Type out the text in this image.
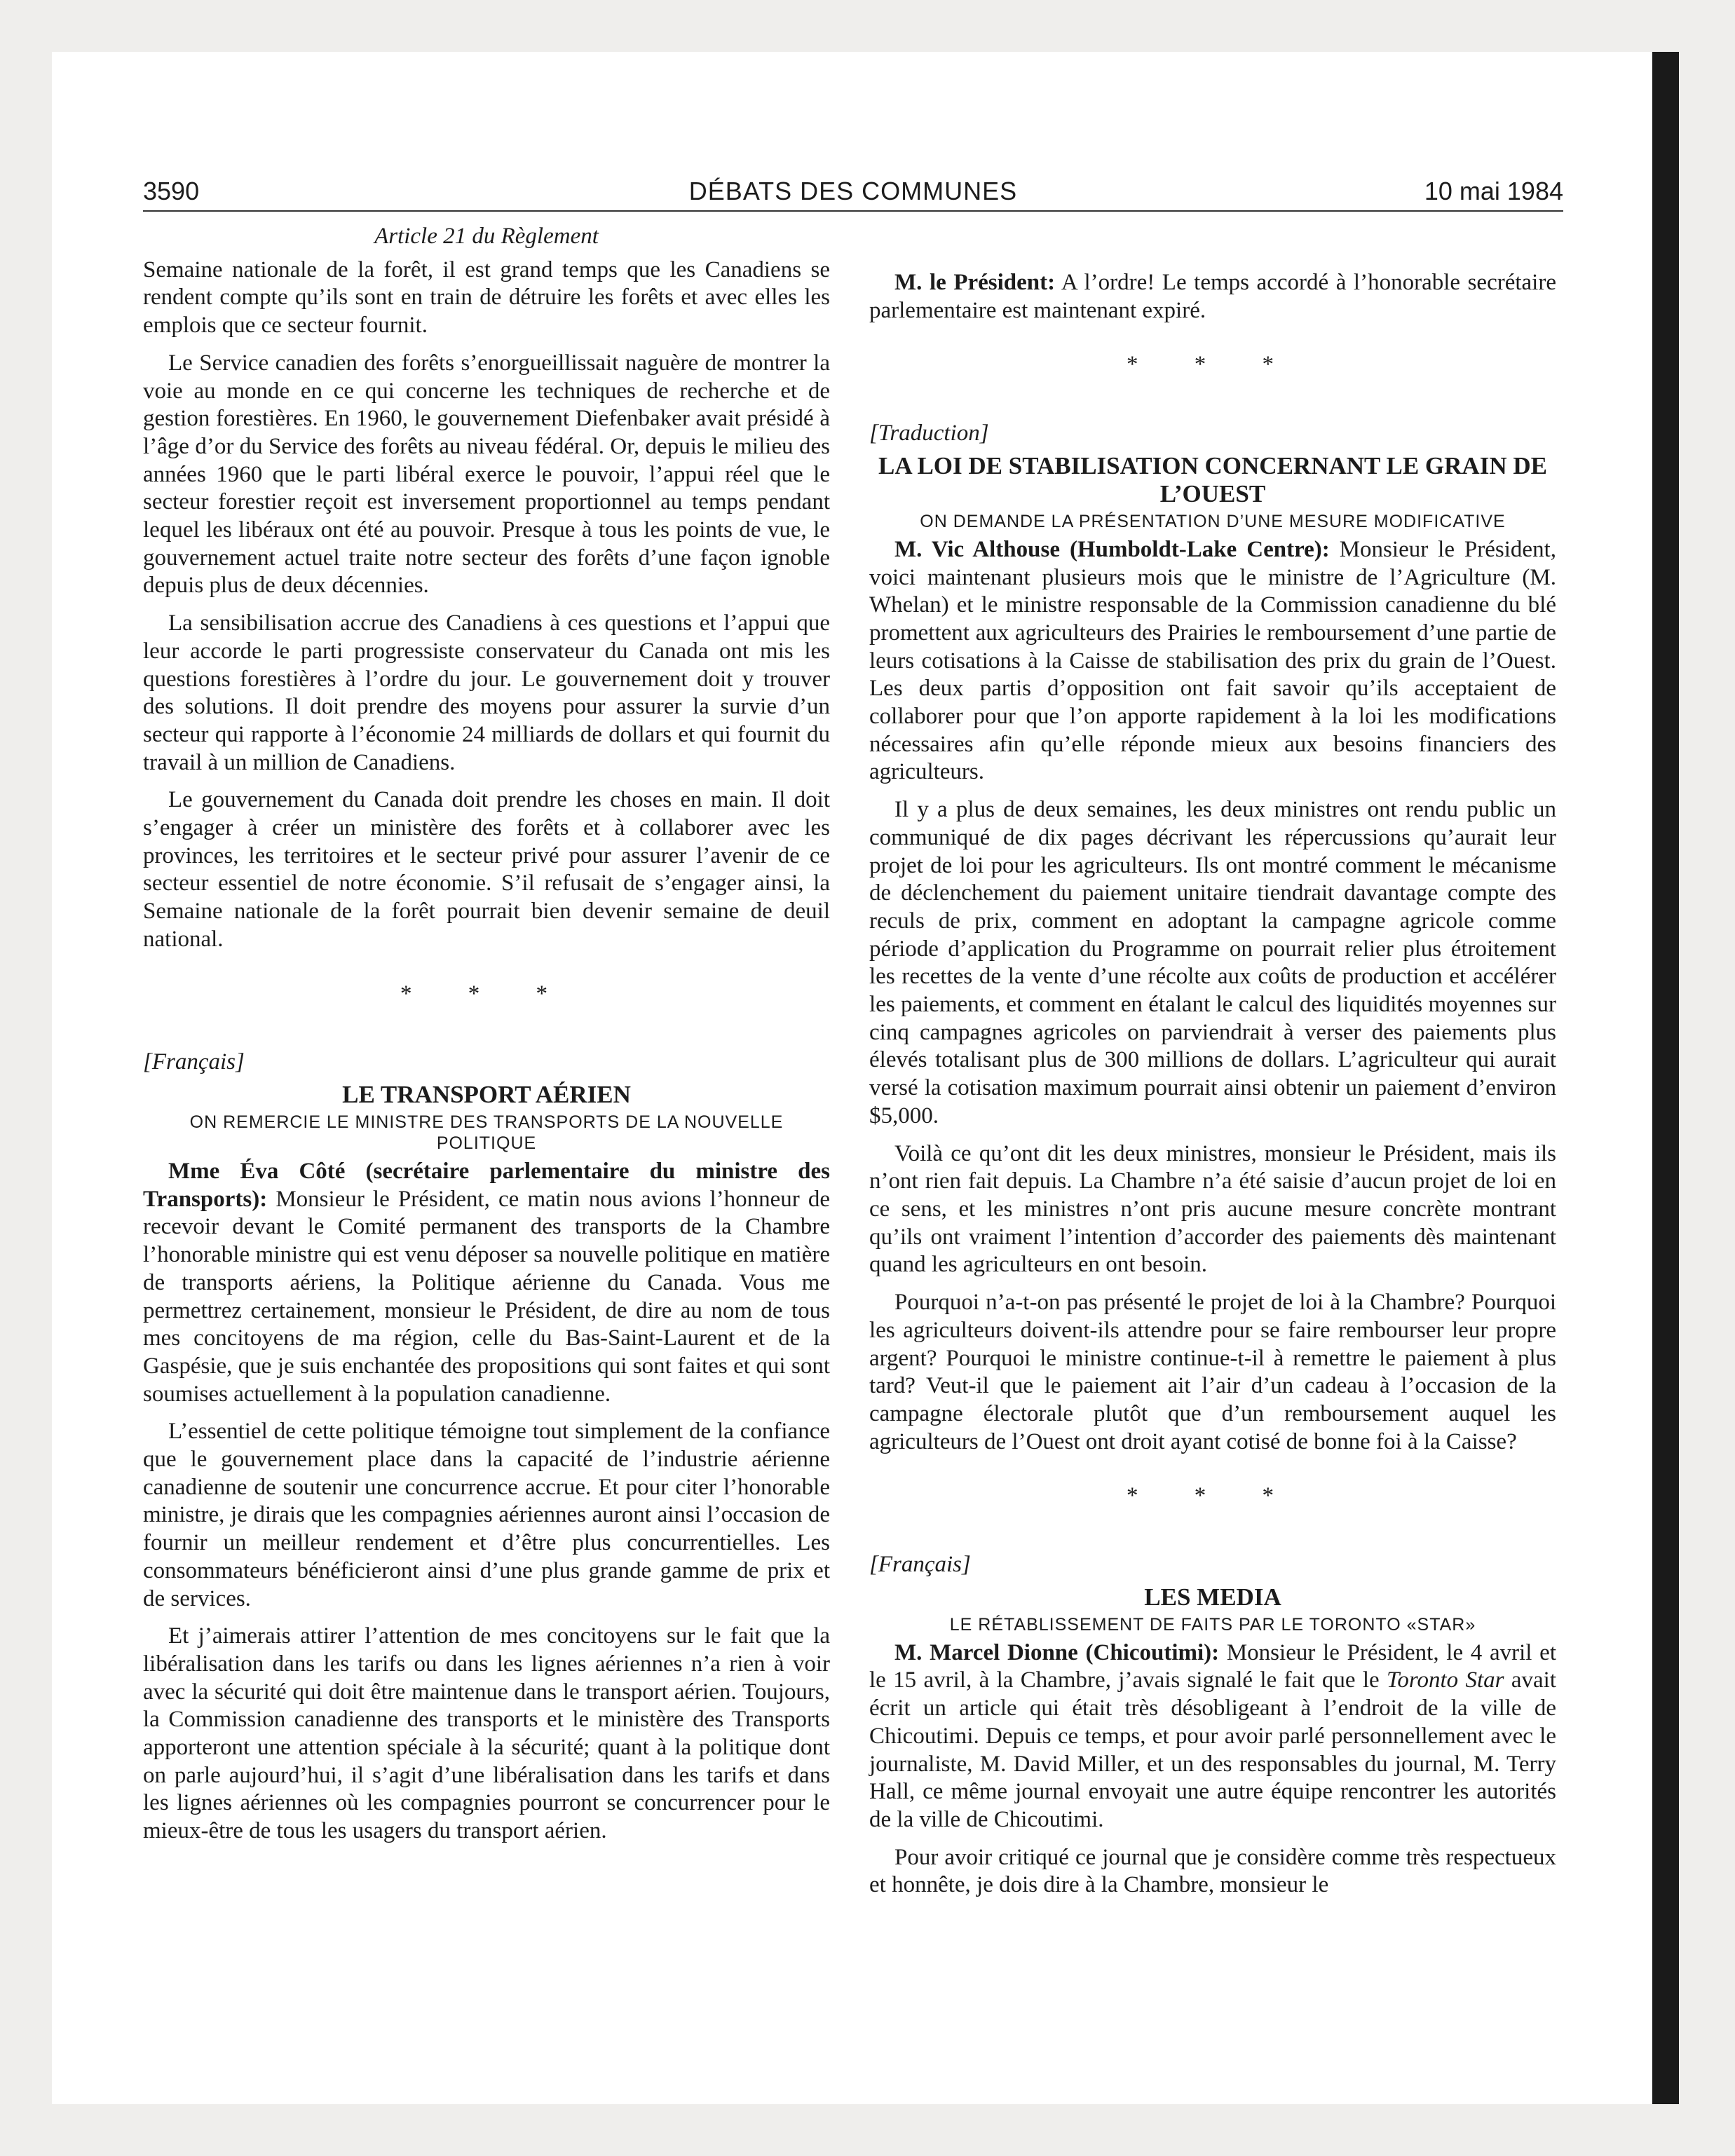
DÉBATS DES COMMUNES
3590	10 mai 1984
Article 21 du Règlement

Semaine nationale de la forêt, il est grand temps que les Canadiens se rendent compte qu’ils sont en train de détruire les forêts et avec elles les emplois que ce secteur fournit.

Le Service canadien des forêts s’enorgueillissait naguère de montrer la voie au monde en ce qui concerne les techniques de recherche et de gestion forestières. En 1960, le gouvernement Diefenbaker avait présidé à l’âge d’or du Service des forêts au niveau fédéral. Or, depuis le milieu des années 1960 que le parti libéral exerce le pouvoir, l’appui réel que le secteur forestier reçoit est inversement proportionnel au temps pendant lequel les libéraux ont été au pouvoir. Presque à tous les points de vue, le gouvernement actuel traite notre secteur des forêts d’une façon ignoble depuis plus de deux décennies.

La sensibilisation accrue des Canadiens à ces questions et l’appui que leur accorde le parti progressiste conservateur du Canada ont mis les questions forestières à l’ordre du jour. Le gouvernement doit y trouver des solutions. Il doit prendre des moyens pour assurer la survie d’un secteur qui rapporte à l’économie 24 milliards de dollars et qui fournit du travail à un million de Canadiens.

Le gouvernement du Canada doit prendre les choses en main. Il doit s’engager à créer un ministère des forêts et à collaborer avec les provinces, les territoires et le secteur privé pour assurer l’avenir de ce secteur essentiel de notre économie. S’il refusait de s’engager ainsi, la Semaine nationale de la forêt pourrait bien devenir semaine de deuil national.

* * *
[Français]
LE TRANSPORT AÉRIEN
ON REMERCIE LE MINISTRE DES TRANSPORTS DE LA NOUVELLE POLITIQUE

Mme Éva Côté (secrétaire parlementaire du ministre des Transports): Monsieur le Président, ce matin nous avions l’honneur de recevoir devant le Comité permanent des transports de la Chambre l’honorable ministre qui est venu déposer sa nouvelle politique en matière de transports aériens, la Politique aérienne du Canada. Vous me permettrez certainement, monsieur le Président, de dire au nom de tous mes concitoyens de ma région, celle du Bas-Saint-Laurent et de la Gaspésie, que je suis enchantée des propositions qui sont faites et qui sont soumises actuellement à la population canadienne.

L’essentiel de cette politique témoigne tout simplement de la confiance que le gouvernement place dans la capacité de l’industrie aérienne canadienne de soutenir une concurrence accrue. Et pour citer l’honorable ministre, je dirais que les compagnies aériennes auront ainsi l’occasion de fournir un meilleur rendement et d’être plus concurrentielles. Les consommateurs bénéficieront ainsi d’une plus grande gamme de prix et de services.

Et j’aimerais attirer l’attention de mes concitoyens sur le fait que la libéralisation dans les tarifs ou dans les lignes aériennes n’a rien à voir avec la sécurité qui doit être maintenue dans le transport aérien. Toujours, la Commission canadienne des transports et le ministère des Transports apporteront une attention spéciale à la sécurité; quant à la politique dont on parle aujourd’hui, il s’agit d’une libéralisation dans les tarifs et dans les lignes aériennes où les compagnies pourront se concurrencer pour le mieux-être de tous les usagers du transport aérien.

M. le Président: A l’ordre! Le temps accordé à l’honorable secrétaire parlementaire est maintenant expiré.

* * *
[Traduction]
LA LOI DE STABILISATION CONCERNANT LE GRAIN DE L’OUEST
ON DEMANDE LA PRÉSENTATION D’UNE MESURE MODIFICATIVE

M. Vic Althouse (Humboldt-Lake Centre): Monsieur le Président, voici maintenant plusieurs mois que le ministre de l’Agriculture (M. Whelan) et le ministre responsable de la Commission canadienne du blé promettent aux agriculteurs des Prairies le remboursement d’une partie de leurs cotisations à la Caisse de stabilisation des prix du grain de l’Ouest. Les deux partis d’opposition ont fait savoir qu’ils acceptaient de collaborer pour que l’on apporte rapidement à la loi les modifications nécessaires afin qu’elle réponde mieux aux besoins financiers des agriculteurs.

Il y a plus de deux semaines, les deux ministres ont rendu public un communiqué de dix pages décrivant les répercussions qu’aurait leur projet de loi pour les agriculteurs. Ils ont montré comment le mécanisme de déclenchement du paiement unitaire tiendrait davantage compte des reculs de prix, comment en adoptant la campagne agricole comme période d’application du Programme on pourrait relier plus étroitement les recettes de la vente d’une récolte aux coûts de production et accélérer les paiements, et comment en étalant le calcul des liquidités moyennes sur cinq campagnes agricoles on parviendrait à verser des paiements plus élevés totalisant plus de 300 millions de dollars. L’agriculteur qui aurait versé la cotisation maximum pourrait ainsi obtenir un paiement d’environ $5,000.

Voilà ce qu’ont dit les deux ministres, monsieur le Président, mais ils n’ont rien fait depuis. La Chambre n’a été saisie d’aucun projet de loi en ce sens, et les ministres n’ont pris aucune mesure concrète montrant qu’ils ont vraiment l’intention d’accorder des paiements dès maintenant quand les agriculteurs en ont besoin.

Pourquoi n’a-t-on pas présenté le projet de loi à la Chambre? Pourquoi les agriculteurs doivent-ils attendre pour se faire rembourser leur propre argent? Pourquoi le ministre continue-t-il à remettre le paiement à plus tard? Veut-il que le paiement ait l’air d’un cadeau à l’occasion de la campagne électorale plutôt que d’un remboursement auquel les agriculteurs de l’Ouest ont droit ayant cotisé de bonne foi à la Caisse?

* * *
[Français]
LES MEDIA
LE RÉTABLISSEMENT DE FAITS PAR LE TORONTO «STAR»

M. Marcel Dionne (Chicoutimi): Monsieur le Président, le 4 avril et le 15 avril, à la Chambre, j’avais signalé le fait que le Toronto Star avait écrit un article qui était très désobligeant à l’endroit de la ville de Chicoutimi. Depuis ce temps, et pour avoir parlé personnellement avec le journaliste, M. David Miller, et un des responsables du journal, M. Terry Hall, ce même journal envoyait une autre équipe rencontrer les autorités de la ville de Chicoutimi.

Pour avoir critiqué ce journal que je considère comme très respectueux et honnête, je dois dire à la Chambre, monsieur le
